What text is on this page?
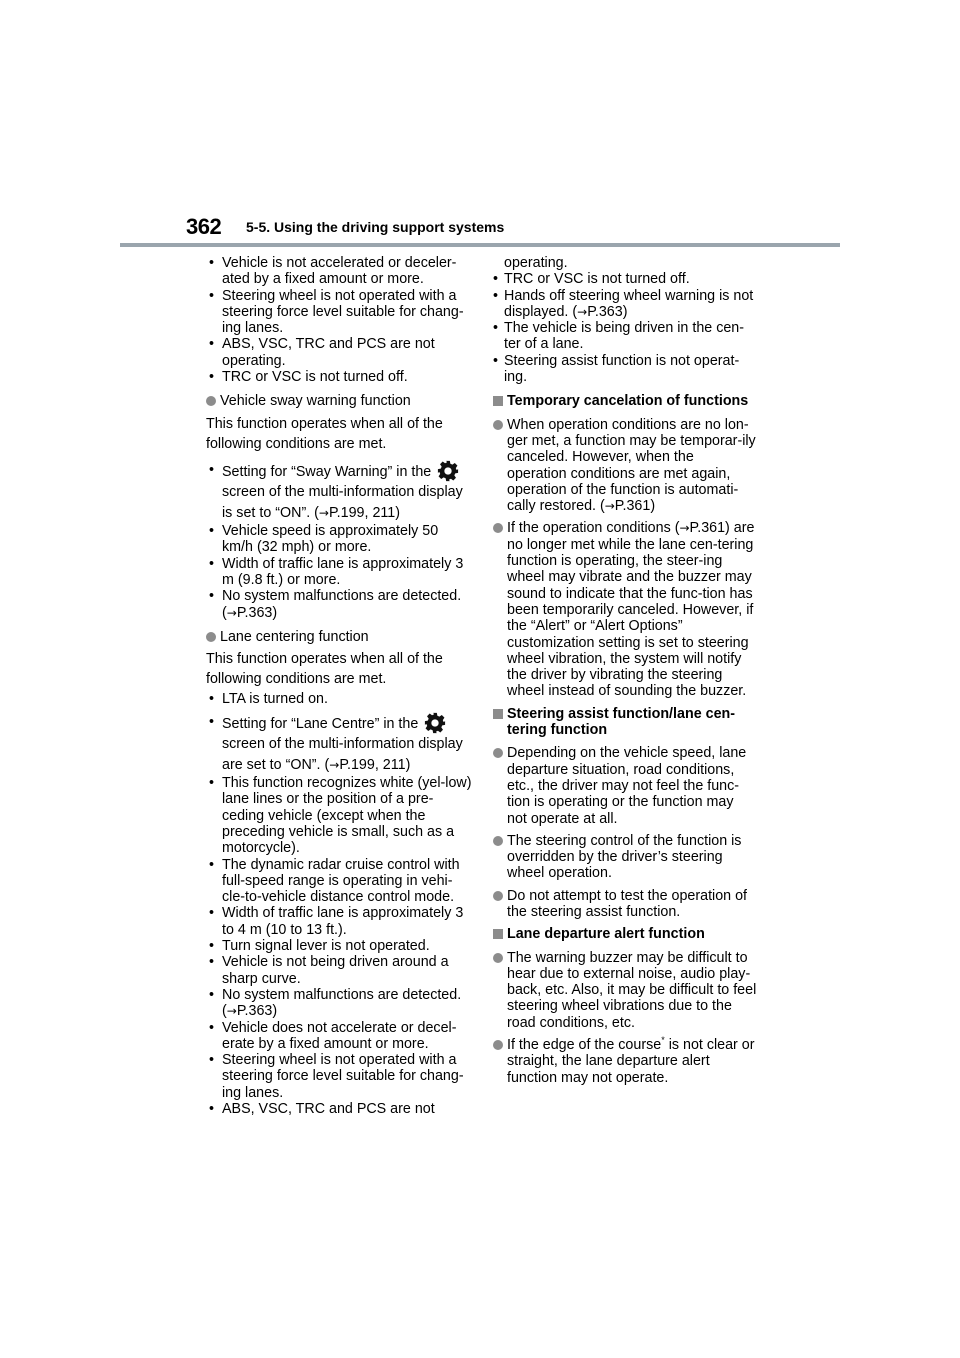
362 5-5. Using the driving support systems
• Vehicle is not accelerated or deceler-ated by a fixed amount or more.
• Steering wheel is not operated with a steering force level suitable for chang-ing lanes.
• ABS, VSC, TRC and PCS are not operating.
• TRC or VSC is not turned off.
Vehicle sway warning function
This function operates when all of the
following conditions are met.
• Setting for “Sway Warning” in the
screen of the multi-information display
is set to “ON”. (→P.199, 211)
• Vehicle speed is approximately 50 km/h (32 mph) or more.
• Width of traffic lane is approximately 3 m (9.8 ft.) or more.
• No system malfunctions are detected.
(→P.363)
Lane centering function
This function operates when all of the
following conditions are met.
• LTA is turned on.
• Setting for “Lane Centre” in the
screen of the multi-information display
are set to “ON”. (→P.199, 211)
• This function recognizes white (yel-low) lane lines or the position of a pre-ceding vehicle (except when the preceding vehicle is small, such as a motorcycle).
• The dynamic radar cruise control with full-speed range is operating in vehi-cle-to-vehicle distance control mode.
• Width of traffic lane is approximately 3 to 4 m (10 to 13 ft.).
• Turn signal lever is not operated.
• Vehicle is not being driven around a sharp curve.
• No system malfunctions are detected.
(→P.363)
• Vehicle does not accelerate or decel-erate by a fixed amount or more.
• Steering wheel is not operated with a steering force level suitable for chang-ing lanes.
• ABS, VSC, TRC and PCS are not
operating.
• TRC or VSC is not turned off.
• Hands off steering wheel warning is not displayed. (→P.363)
• The vehicle is being driven in the cen-ter of a lane.
• Steering assist function is not operat-ing.
Temporary cancelation of functions
When operation conditions are no lon-ger met, a function may be temporar-ily canceled. However, when the operation conditions are met again, operation of the function is automati-cally restored. (→P.361)
If the operation conditions (→P.361) are no longer met while the lane cen-tering function is operating, the steer-ing wheel may vibrate and the buzzer may sound to indicate that the func-tion has been temporarily canceled. However, if the “Alert” or “Alert Options” customization setting is set to steering wheel vibration, the system will notify the driver by vibrating the steering wheel instead of sounding the buzzer.
Steering assist function/lane cen-tering function
Depending on the vehicle speed, lane departure situation, road conditions, etc., the driver may not feel the func-tion is operating or the function may not operate at all.
The steering control of the function is overridden by the driver’s steering wheel operation.
Do not attempt to test the operation of the steering assist function.
Lane departure alert function
The warning buzzer may be difficult to hear due to external noise, audio play-back, etc. Also, it may be difficult to feel steering wheel vibrations due to the road conditions, etc.
If the edge of the course* is not clear or straight, the lane departure alert function may not operate.
